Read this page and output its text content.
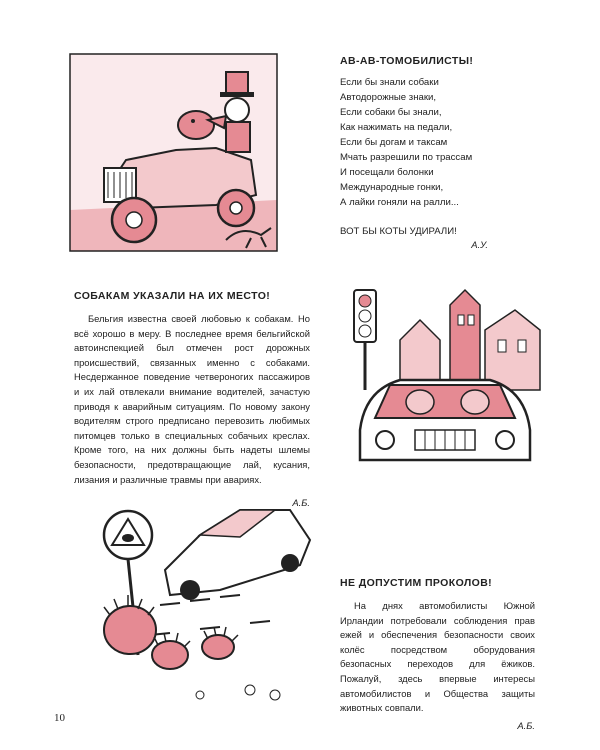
АВ-АВ-ТОМОБИЛИСТЫ!
Если бы знали собаки
Автодорожные знаки,
Если собаки бы знали,
Как нажимать на педали,
Если бы догам и таксам
Мчать разрешили по трассам
И посещали болонки
Международные гонки,
А лайки гоняли на ралли...
ВОТ БЫ КОТЫ УДИРАЛИ!
А.У.
СОБАКАМ УКАЗАЛИ НА ИХ МЕСТО!

Бельгия известна своей любовью к собакам. Но всё хорошо в меру. В последнее время бельгийской автоинспекцией был отмечен рост дорожных происшествий, связанных именно с собаками. Несдержанное поведение четвероногих пассажиров и их лай отвлекали внимание водителей, зачастую приводя к аварийным ситуациям. По новому закону водителям строго предписано перевозить любимых питомцев только в специальных собачьих креслах. Кроме того, на них должны быть надеты шлемы безопасности, предотвращающие лай, кусания, лизания и различные травмы при авариях.

А.Б.
НЕ ДОПУСТИМ ПРОКОЛОВ!

На днях автомобилисты Южной Ирландии потребовали соблюдения прав ежей и обеспечения безопасности своих колёс посредством оборудования безопасных переходов для ёжиков. Пожалуй, здесь впервые интересы автомобилистов и Общества защиты животных совпали.

А.Б.
10
